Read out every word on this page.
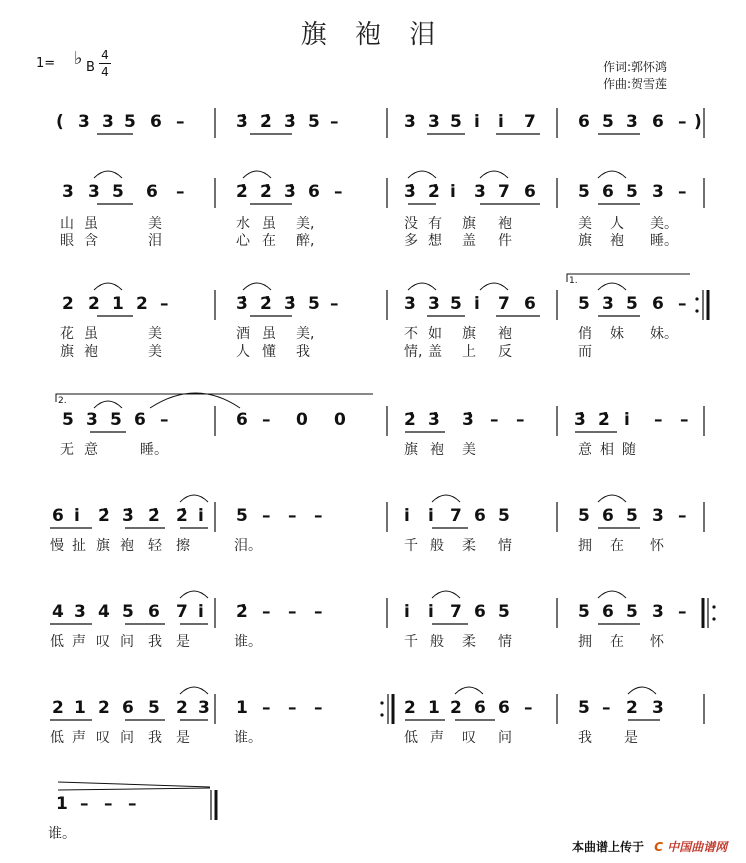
旗 袍 泪
1= ♭ B
4
4	作词:郭怀鸿
作曲:贺雪莲
( 3 3 5 6 –	3̇ 2̇ 3̇ 5 –	3 3 5 i̇ i̇ 7 6 5 3 6 – )
3 3 5 6 –	2̇ 2̇ 3̇ 6 –	3̇ 2̇ i̇ 3 7 6 5 6 5 3 –
2 2 1 2 –	3̇ 2̇ 3̇ 5 –	3 3 5 i̇ 7 6 5 3 5 6 –
5 3 5 6 –	6 – 0 0	2̇ 3̇ 3̇ – –	3̇ 2̇ i̇ – –
6 i̇ 2̇ 3̇ 2̇ 2̇ i̇ 5 – – –	i̇ i̇ 7 6 5	5 6 5 3 –
4 3 4 5 6 7 i̇ 2̇ – – –	i̇ i̇ 7 6 5	5 6 5 3 –
2 1 2 6 5 2 3 1 – – –	2 1 2 6 6 –	5 – 2 3
1 – – –
山 虽	美	水 虽 美,	没 有 旗 袍	美 人 美。
眼 含	泪	心 在 醉,	多 想 盖 件	旗 袍 睡。
花 虽	美	酒 虽 美,	不 如 旗 袍	俏 妹 妹。
旗 袍	美	人 懂 我	情, 盖 上 反	而
无 意	睡。	旗 袍 美	意 相 随
慢 扯 旗 袍 轻 擦	泪。	千 般 柔 情	拥 在 怀
低 声 叹 问 我 是	谁。	千 般 柔 情	拥 在 怀
低 声 叹 问 我 是	谁。	低 声 叹 问	我 是
谁。
1.
2.
本曲谱上传于 C 中国曲谱网
